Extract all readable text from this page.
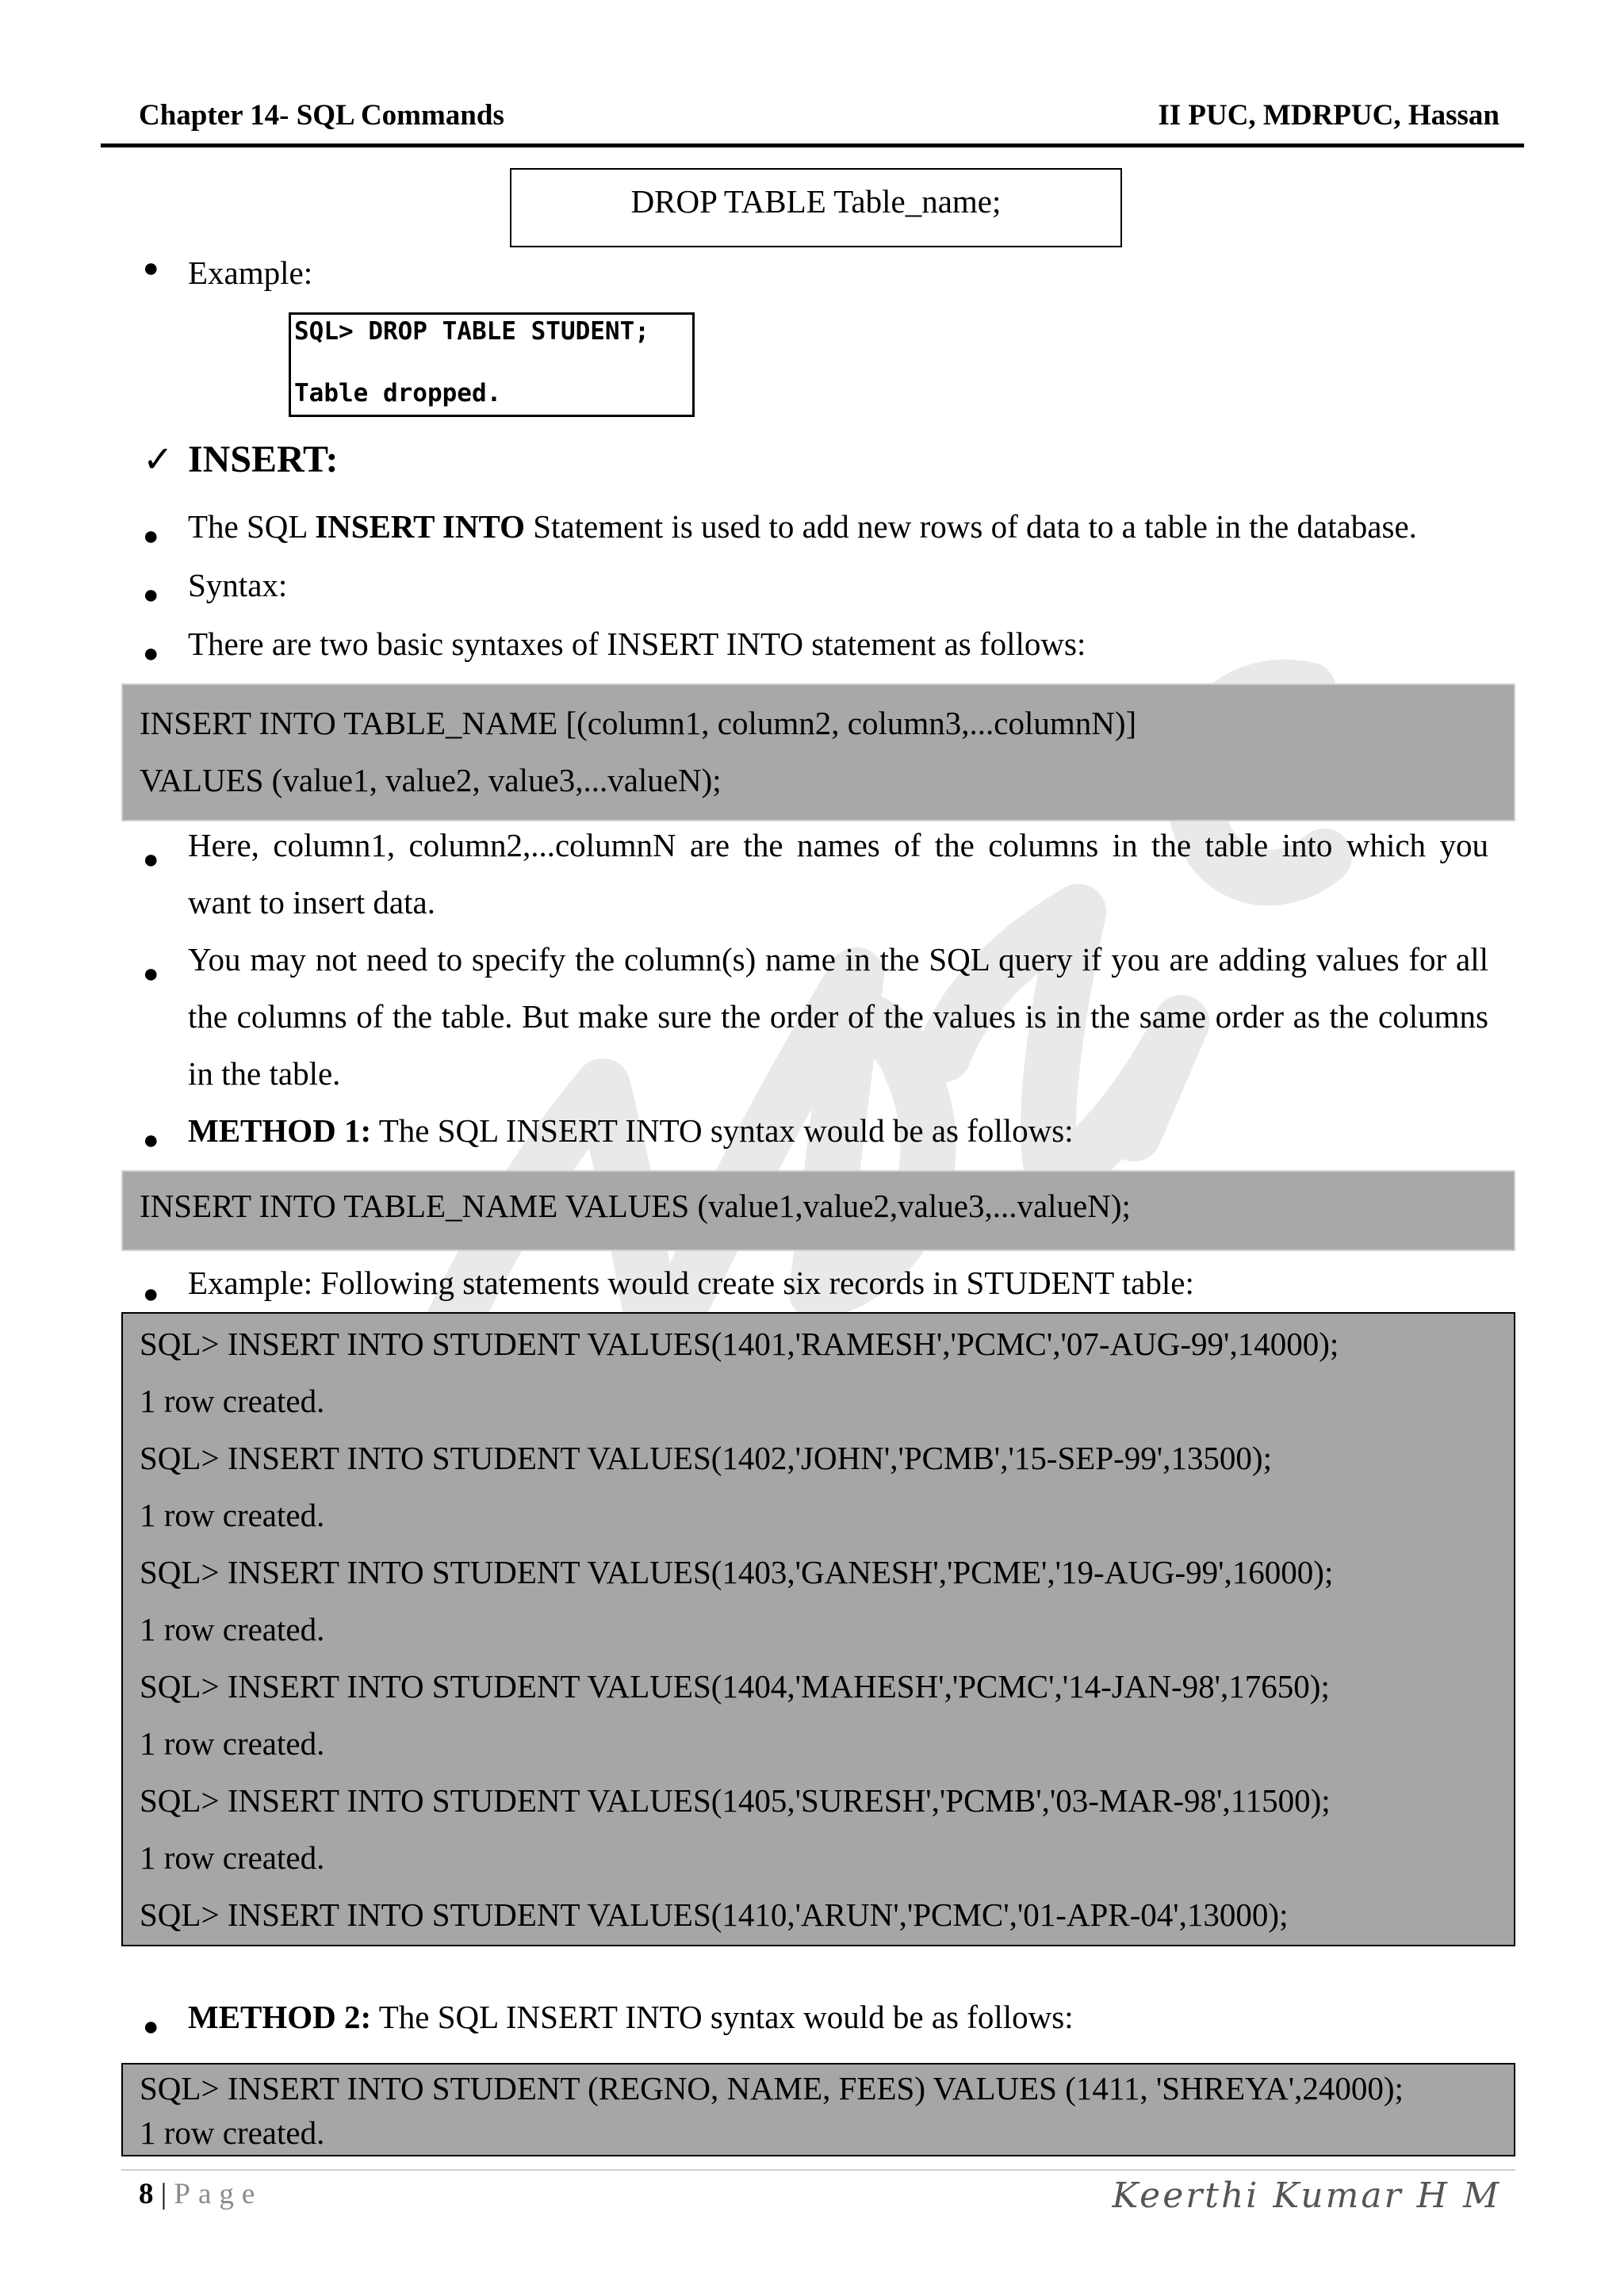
Chapter 14- SQL Commands	II PUC, MDRPUC, Hassan
DROP TABLE Table_name;
● Example:
SQL> DROP TABLE STUDENT;
Table dropped.
✓ INSERT:
● The SQL INSERT INTO Statement is used to add new rows of data to a table in the database.
● Syntax:
● There are two basic syntaxes of INSERT INTO statement as follows:
INSERT INTO TABLE_NAME [(column1, column2, column3,...columnN)]
VALUES (value1, value2, value3,...valueN);
● Here, column1, column2,...columnN are the names of the columns in the table into which you
want to insert data.
● You may not need to specify the column(s) name in the SQL query if you are adding values for all
the columns of the table. But make sure the order of the values is in the same order as the columns
in the table.
● METHOD 1: The SQL INSERT INTO syntax would be as follows:
INSERT INTO TABLE_NAME VALUES (value1,value2,value3,...valueN);
● Example: Following statements would create six records in STUDENT table:
SQL> INSERT INTO STUDENT VALUES(1401,'RAMESH','PCMC','07-AUG-99',14000);
1 row created.
SQL> INSERT INTO STUDENT VALUES(1402,'JOHN','PCMB','15-SEP-99',13500);
1 row created.
SQL> INSERT INTO STUDENT VALUES(1403,'GANESH','PCME','19-AUG-99',16000);
1 row created.
SQL> INSERT INTO STUDENT VALUES(1404,'MAHESH','PCMC','14-JAN-98',17650);
1 row created.
SQL> INSERT INTO STUDENT VALUES(1405,'SURESH','PCMB','03-MAR-98',11500);
1 row created.
SQL> INSERT INTO STUDENT VALUES(1410,'ARUN','PCMC','01-APR-04',13000);
● METHOD 2: The SQL INSERT INTO syntax would be as follows:
SQL> INSERT INTO STUDENT (REGNO, NAME, FEES) VALUES (1411, 'SHREYA',24000);
1 row created.
8 | Page	Keerthi Kumar H M
